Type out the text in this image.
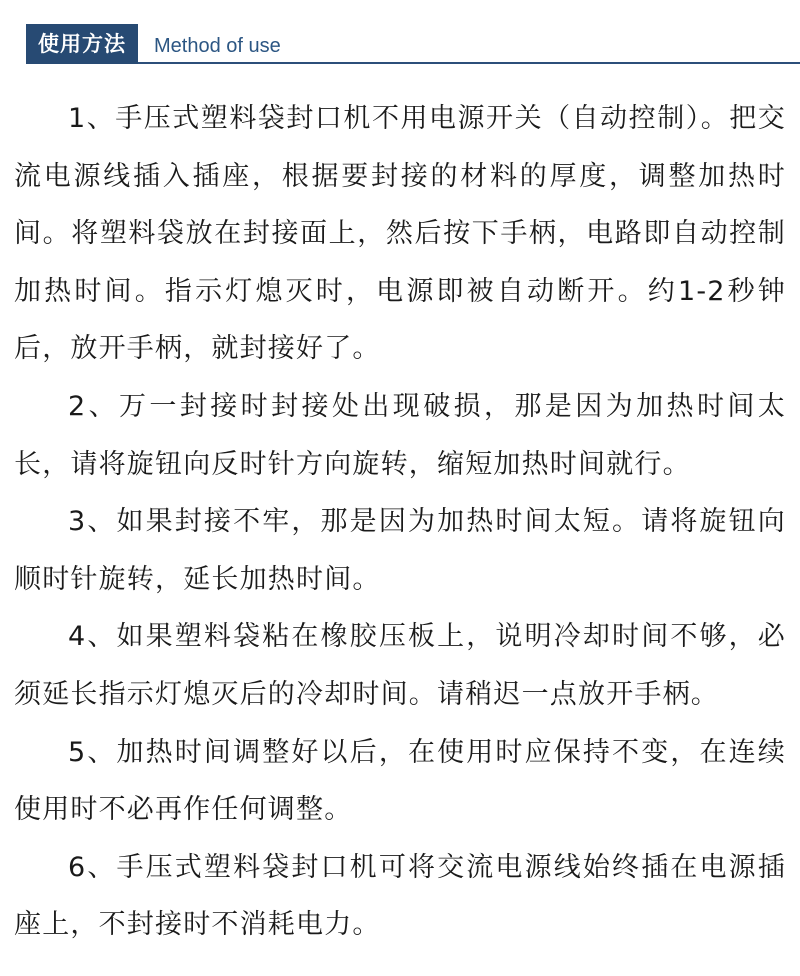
使用方法	Method of use

1、手压式塑料袋封口机不用电源开关（自动控制）。把交流电源线插入插座，根据要封接的材料的厚度，调整加热时间。将塑料袋放在封接面上，然后按下手柄，电路即自动控制加热时间。指示灯熄灭时，电源即被自动断开。约1-2秒钟后，放开手柄，就封接好了。

2、万一封接时封接处出现破损，那是因为加热时间太长，请将旋钮向反时针方向旋转，缩短加热时间就行。

3、如果封接不牢，那是因为加热时间太短。请将旋钮向顺时针旋转，延长加热时间。

4、如果塑料袋粘在橡胶压板上，说明冷却时间不够，必须延长指示灯熄灭后的冷却时间。请稍迟一点放开手柄。

5、加热时间调整好以后，在使用时应保持不变，在连续使用时不必再作任何调整。

6、手压式塑料袋封口机可将交流电源线始终插在电源插座上，不封接时不消耗电力。
